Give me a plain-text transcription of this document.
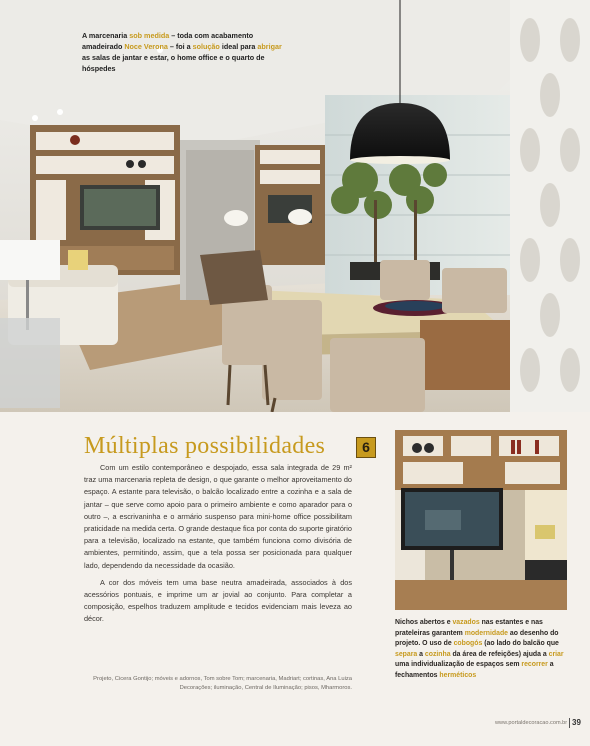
A marcenaria sob medida – toda com acabamento amadeirado Noce Verona – foi a solução ideal para abrigar as salas de jantar e estar, o home office e o quarto de hóspedes
Múltiplas possibilidades	6

Com um estilo contemporâneo e despojado, essa sala integrada de 29 m² traz uma marcenaria repleta de design, o que garante o melhor aproveitamento do espaço. A estante para televisão, o balcão localizado entre a cozinha e a sala de jantar – que serve como apoio para o primeiro ambiente e como aparador para o outro –, a escrivaninha e o armário suspenso para mini-home office possibilitam praticidade na medida certa. O grande destaque fica por conta do suporte giratório para a televisão, localizado na estante, que também funciona como divisória de ambientes, permitindo, assim, que a tela possa ser posicionada para qualquer lado, dependendo da necessidade da ocasião.

A cor dos móveis tem uma base neutra amadeirada, associados à dos acessórios pontuais, e imprime um ar jovial ao conjunto. Para completar a composição, espelhos traduzem amplitude e tecidos evidenciam mais leveza ao décor.

Projeto, Cicera Gontijo; móveis e adornos, Tom sobre Tom; marcenaria, Madriart; cortinas, Ana Luiza Decorações; iluminação, Central de Iluminação; pisos, Mharmoros.
Nichos abertos e vazados nas estantes e nas prateleiras garantem modernidade ao desenho do projeto. O uso de cobogós (ao lado do balcão que separa a cozinha da área de refeições) ajuda a criar uma individualização de espaços sem recorrer a fechamentos herméticos
www.portaldecoracao.com.br 39
